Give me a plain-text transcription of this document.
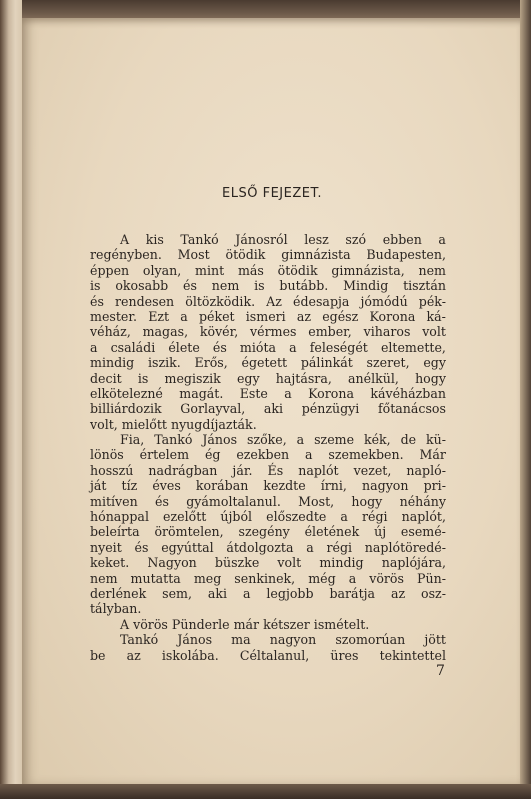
ELSŐ FEJEZET.
A kis Tankó Jánosról lesz szó ebben a
regényben. Most ötödik gimnázista Budapesten,
éppen olyan, mint más ötödik gimnázista, nem
is okosabb és nem is butább. Mindig tisztán
és rendesen öltözködik. Az édesapja jómódú pék-
mester. Ezt a péket ismeri az egész Korona ká-
véház, magas, kövér, vérmes ember, viharos volt
a családi élete és mióta a feleségét eltemette,
mindig iszik. Erős, égetett pálinkát szeret, egy
decit is megiszik egy hajtásra, anélkül, hogy
elkötelezné magát. Este a Korona kávéházban
billiárdozik Gorlayval, aki pénzügyi főtanácsos
volt, mielőtt nyugdíjazták.
Fia, Tankó János szőke, a szeme kék, de kü-
lönös értelem ég ezekben a szemekben. Már
hosszú nadrágban jár. És naplót vezet, napló-
ját tíz éves korában kezdte írni, nagyon pri-
mitíven és gyámoltalanul. Most, hogy néhány
hónappal ezelőtt újból előszedte a régi naplót,
beleírta örömtelen, szegény életének új esemé-
nyeit és egyúttal átdolgozta a régi naplótöredé-
keket. Nagyon büszke volt mindig naplójára,
nem mutatta meg senkinek, még a vörös Pün-
derlének sem, aki a legjobb barátja az osz-
tályban.
A vörös Pünderle már kétszer ismételt.
Tankó János ma nagyon szomorúan jött
be az iskolába. Céltalanul, üres tekintettel
7
